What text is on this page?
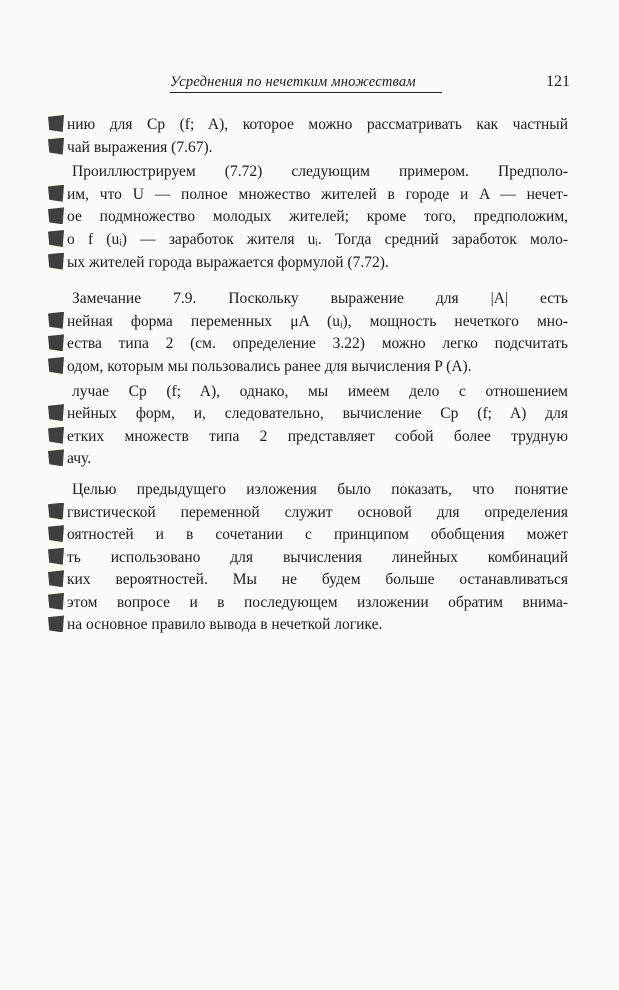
Усреднения по нечетким множествам	121
нию для Cp (f; A), которое можно рассматривать как частный
чай выражения (7.67).
Проиллюстрируем (7.72) следующим примером. Предполо-
им, что U — полное множество жителей в городе и A — нечет-
ое подмножество молодых жителей; кроме того, предположим,
о f (uᵢ) — заработок жителя uᵢ. Тогда средний заработок моло-
ых жителей города выражается формулой (7.72).
Замечание 7.9. Поскольку выражение для |A| есть
нейная форма переменных μA (uᵢ), мощность нечеткого мно-
ества типа 2 (см. определение 3.22) можно легко подсчитать
одом, которым мы пользовались ранее для вычисления P (A).
лучае Cp (f; A), однако, мы имеем дело с отношением
нейных форм, и, следовательно, вычисление Cp (f; A) для
етких множеств типа 2 представляет собой более трудную
ачу.
Целью предыдущего изложения было показать, что понятие
гвистической переменной служит основой для определения
оятностей и в сочетании с принципом обобщения может
ть использовано для вычисления линейных комбинаций
ких вероятностей. Мы не будем больше останавливаться
этом вопросе и в последующем изложении обратим внима-
на основное правило вывода в нечеткой логике.
